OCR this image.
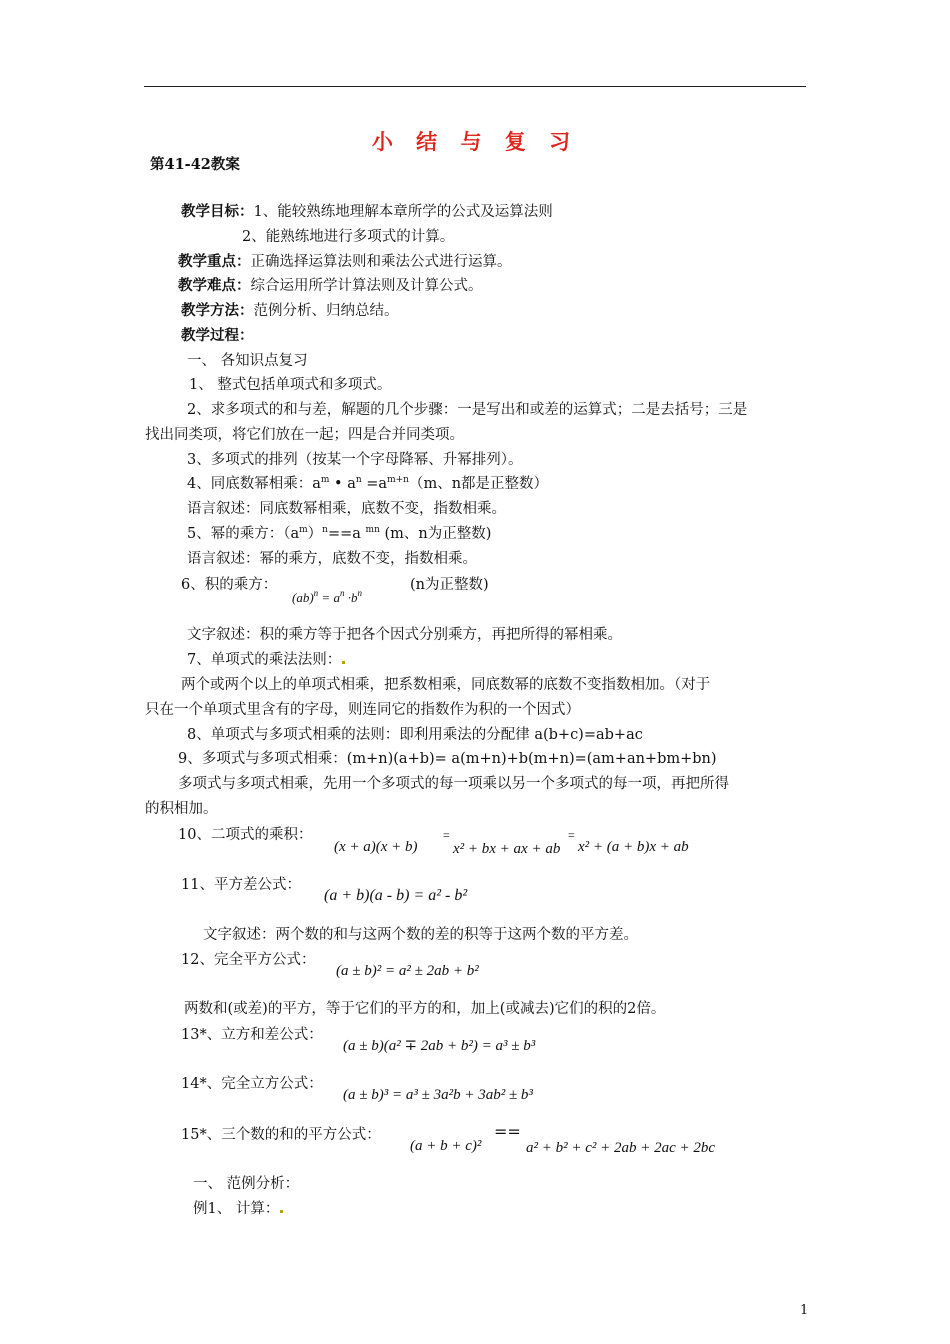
小 结 与 复 习
第41-42教案
教学目标：1、能较熟练地理解本章所学的公式及运算法则
2、能熟练地进行多项式的计算。
教学重点：正确选择运算法则和乘法公式进行运算。
教学难点：综合运用所学计算法则及计算公式。
教学方法：范例分析、归纳总结。
教学过程：
一、 各知识点复习
1、 整式包括单项式和多项式。
2、求多项式的和与差，解题的几个步骤：一是写出和或差的运算式；二是去括号；三是
找出同类项，将它们放在一起；四是合并同类项。
3、多项式的排列（按某一个字母降幂、升幂排列）。
4、同底数幂相乘：$a^m$ • $a^n =a^{m+n}(m$、n都是正整数）
语言叙述：同底数幂相乘，底数不变，指数相乘。
5、幂的乘方：$(a^m)^n==a$ $^{mn}$ (m、n为正整数)
语言叙述：幂的乘方，底数不变，指数相乘。
6、积的乘方：	(n为正整数)
$(ab)^n = a^n \cdot b^n$
文字叙述：积的乘方等于把各个因式分别乘方，再把所得的幂相乘。
7、单项式的乘法法则：
两个或两个以上的单项式相乘，把系数相乘，同底数幂的底数不变指数相加。（对于
只在一个单项式里含有的字母，则连同它的指数作为积的一个因式）
8、单项式与多项式相乘的法则：即利用乘法的分配律 a(b+c)=ab+ac
9、多项式与多项式相乘：(m+n)(a+b)= a(m+n)+b(m+n)=(am+an+bm+bn)
多项式与多项式相乘，先用一个多项式的每一项乘以另一个多项式的每一项，再把所得
的积相加。
10、二项式的乘积：
(x + a)(x + b)
=
x² + bx + ax + ab
=
x² + (a + b)x + ab
11、平方差公式：
(a + b)(a - b) = a² - b²
文字叙述：两个数的和与这两个数的差的积等于这两个数的平方差。
12、完全平方公式：
(a ± b)² = a² ± 2ab + b²
两数和(或差)的平方，等于它们的平方的和，加上(或减去)它们的积的2倍。
13*、立方和差公式：
(a ± b)(a² ∓ 2ab + b²) = a³ ± b³
14*、完全立方公式：
(a ± b)³ = a³ ± 3a²b + 3ab² ± b³
15*、三个数的和的平方公式：
(a + b + c)²
==
a² + b² + c² + 2ab + 2ac + 2bc
一、 范例分析：
例1、 计算：
1
